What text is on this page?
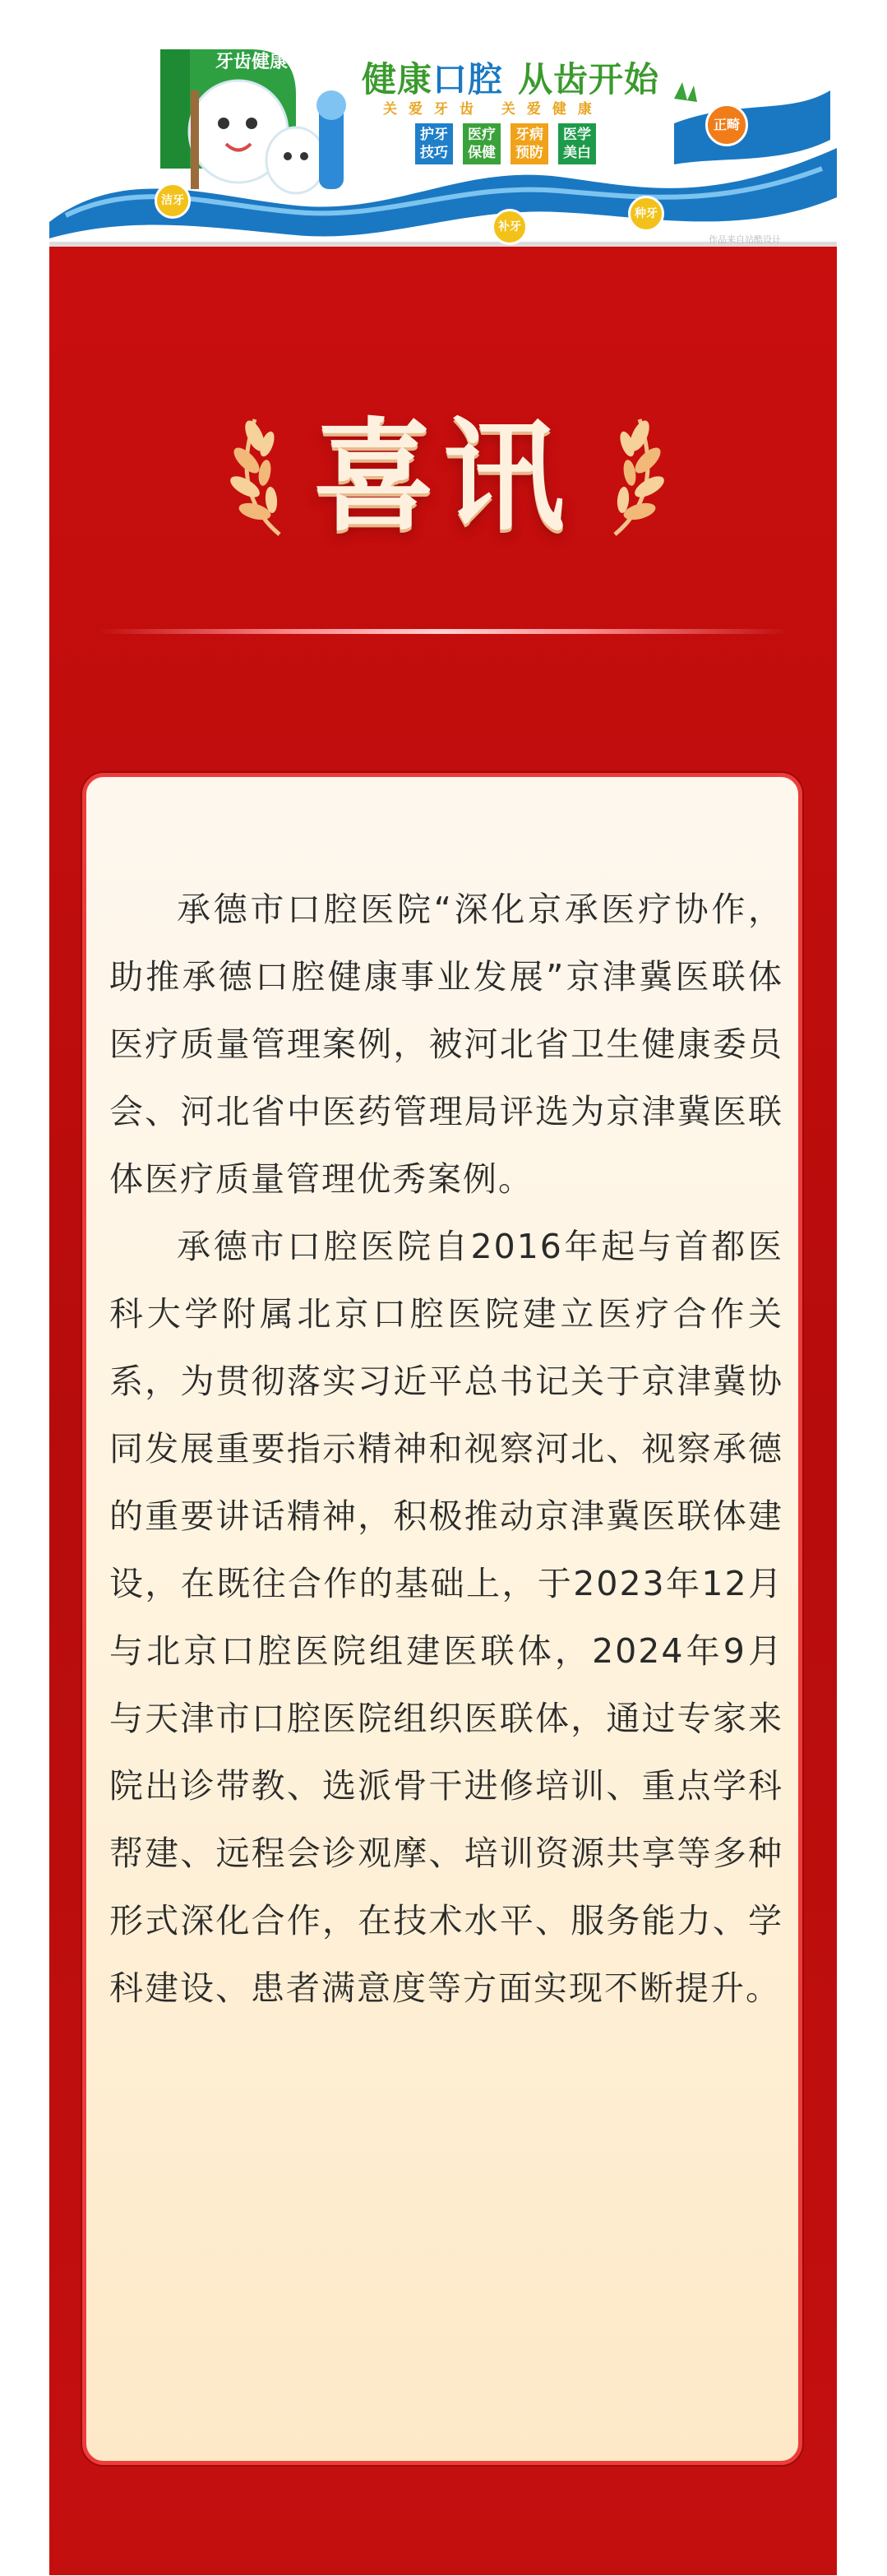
牙齿健康 从小做起
健康口腔 从齿开始
关爱牙齿 关爱健康
护牙技巧
医疗保健
牙病预防
医学美白
洁牙
补牙
种牙
正畸
作品来自站酷设计
喜讯

承德市口腔医院“深化京承医疗协作，助推承德口腔健康事业发展”京津冀医联体医疗质量管理案例，被河北省卫生健康委员会、河北省中医药管理局评选为京津冀医联体医疗质量管理优秀案例。

承德市口腔医院自2016年起与首都医科大学附属北京口腔医院建立医疗合作关系，为贯彻落实习近平总书记关于京津冀协同发展重要指示精神和视察河北、视察承德的重要讲话精神，积极推动京津冀医联体建设，在既往合作的基础上，于2023年12月与北京口腔医院组建医联体，2024年9月与天津市口腔医院组织医联体，通过专家来院出诊带教、选派骨干进修培训、重点学科帮建、远程会诊观摩、培训资源共享等多种形式深化合作，在技术水平、服务能力、学科建设、患者满意度等方面实现不断提升。
